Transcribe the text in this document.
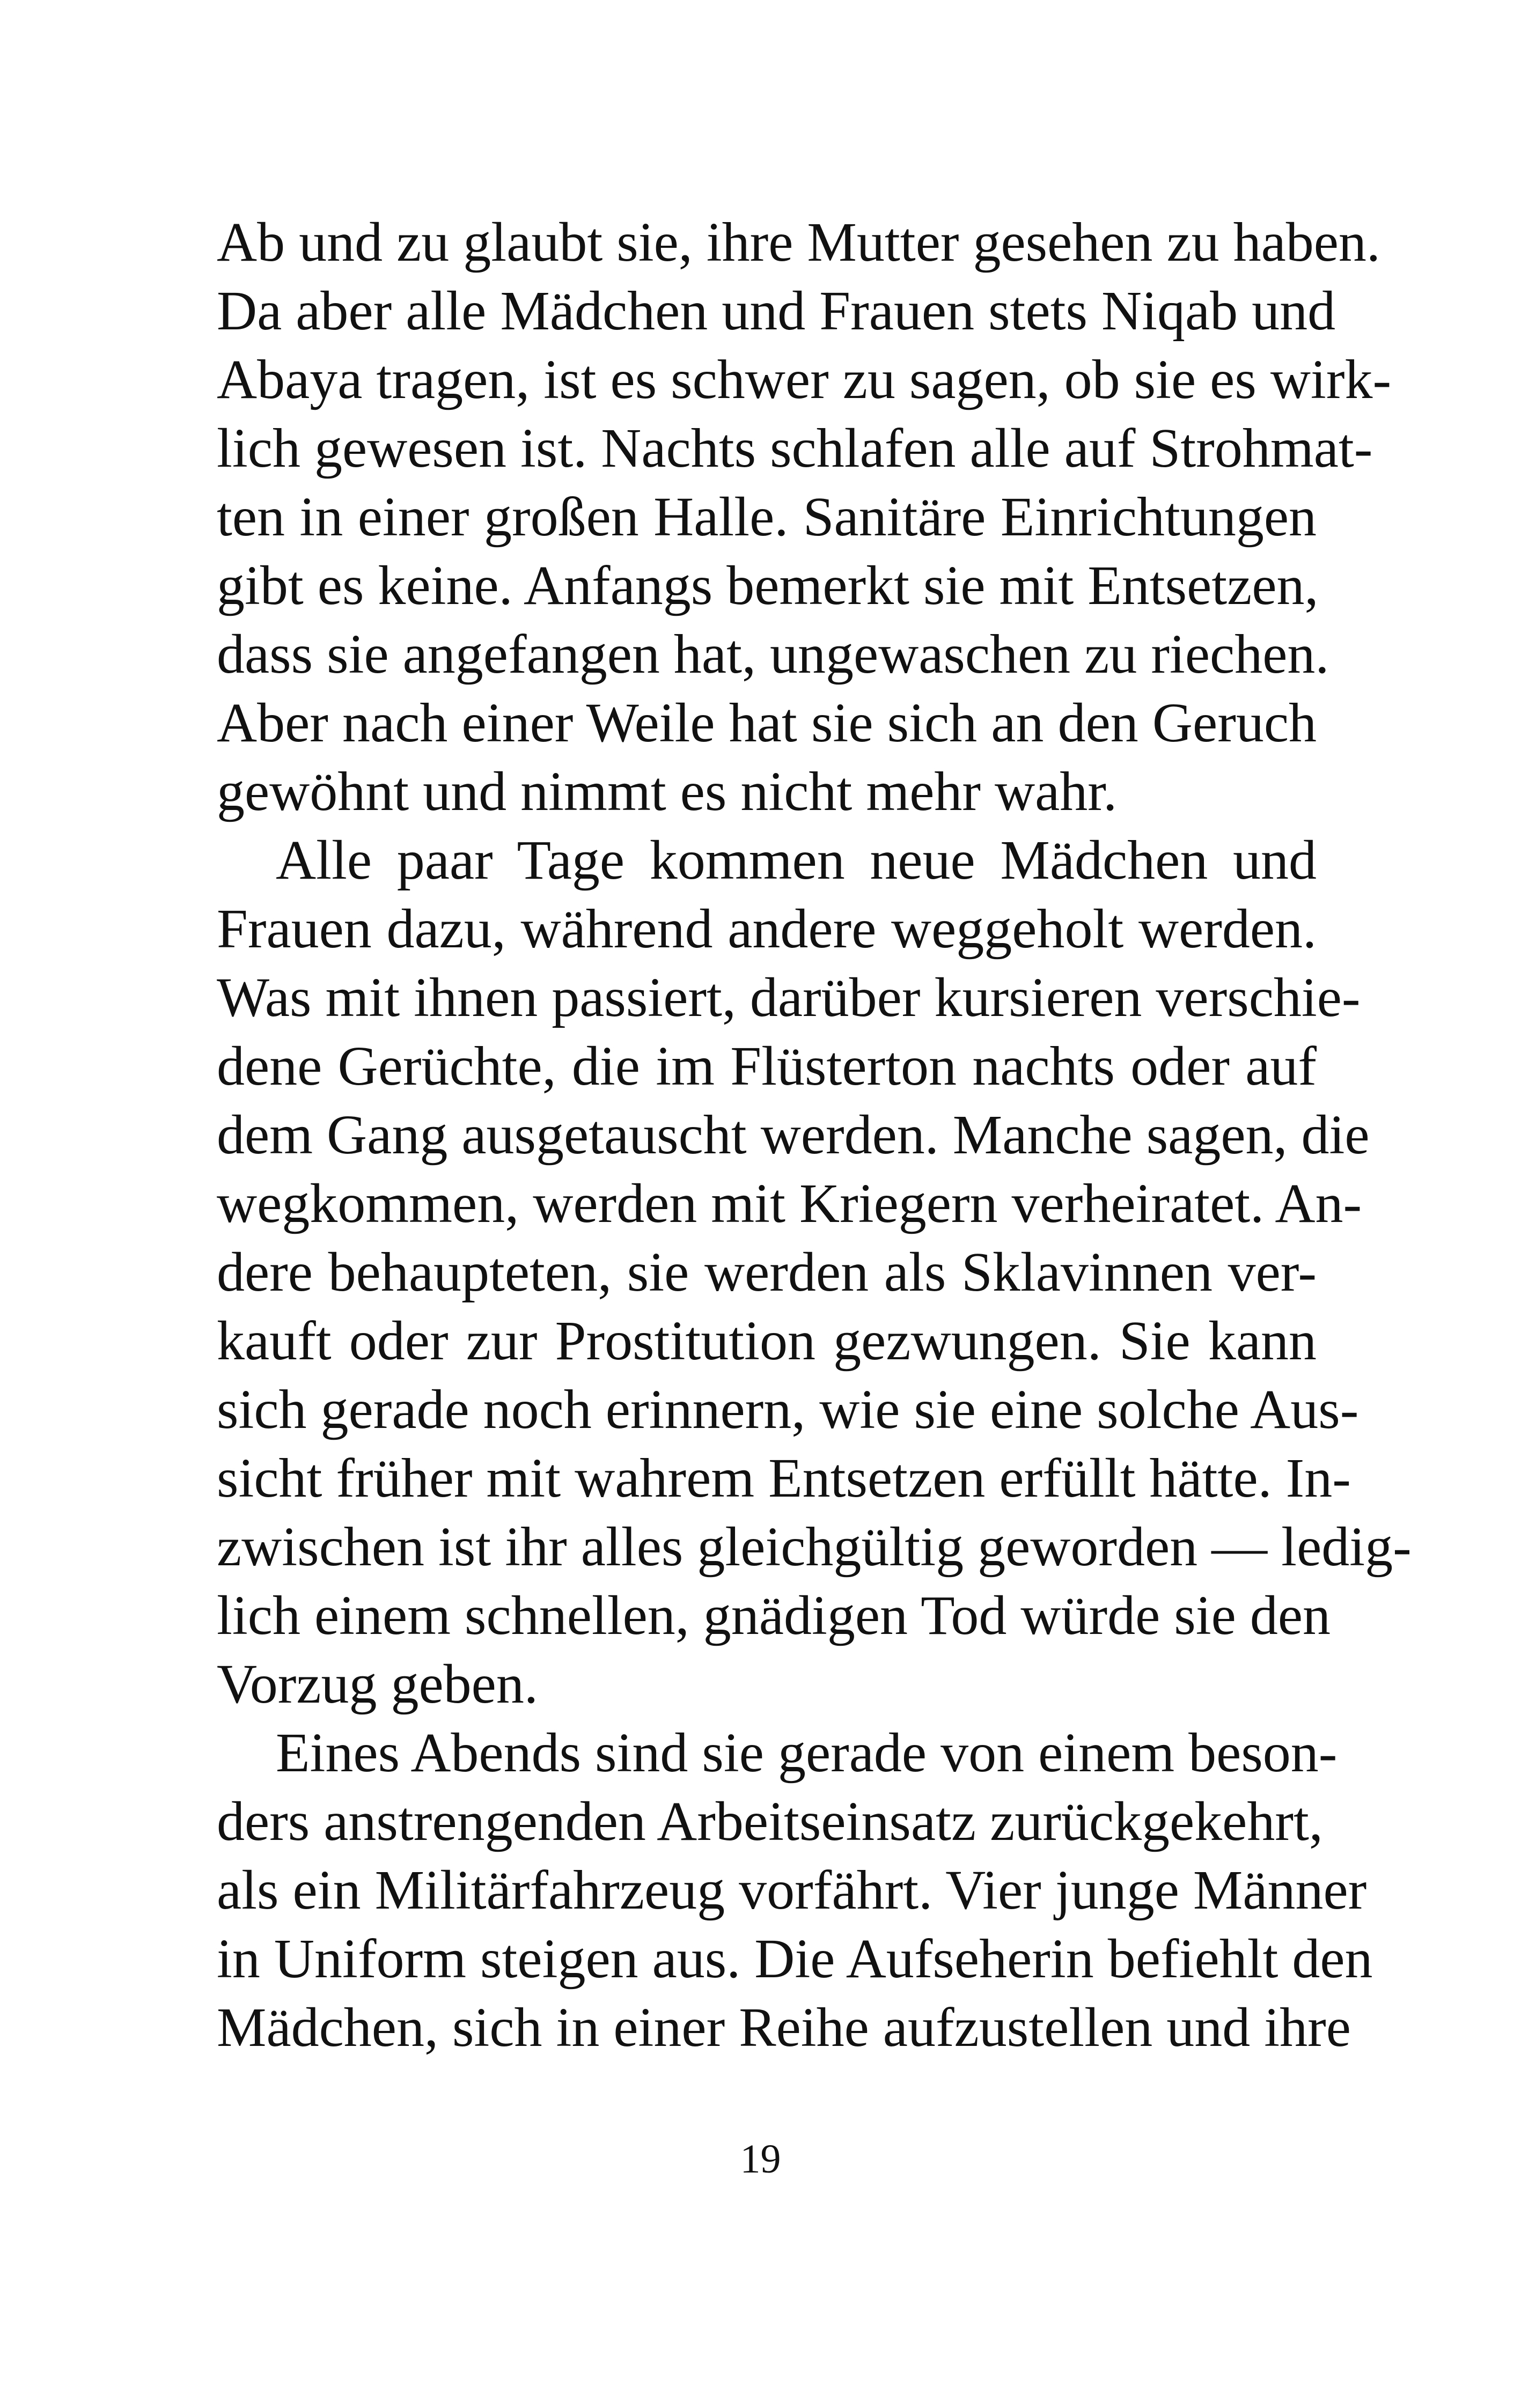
Ab und zu glaubt sie, ihre Mutter gesehen zu haben.
Da aber alle Mädchen und Frauen stets Niqab und
Abaya tragen, ist es schwer zu sagen, ob sie es wirk-
lich gewesen ist. Nachts schlafen alle auf Strohmat-
ten in einer großen Halle. Sanitäre Einrichtungen
gibt es keine. Anfangs bemerkt sie mit Entsetzen,
dass sie angefangen hat, ungewaschen zu riechen.
Aber nach einer Weile hat sie sich an den Geruch
gewöhnt und nimmt es nicht mehr wahr.
Alle paar Tage kommen neue Mädchen und
Frauen dazu, während andere weggeholt werden.
Was mit ihnen passiert, darüber kursieren verschie-
dene Gerüchte, die im Flüsterton nachts oder auf
dem Gang ausgetauscht werden. Manche sagen, die
wegkommen, werden mit Kriegern verheiratet. An-
dere behaupteten, sie werden als Sklavinnen ver-
kauft oder zur Prostitution gezwungen. Sie kann
sich gerade noch erinnern, wie sie eine solche Aus-
sicht früher mit wahrem Entsetzen erfüllt hätte. In-
zwischen ist ihr alles gleichgültig geworden — ledig-
lich einem schnellen, gnädigen Tod würde sie den
Vorzug geben.
Eines Abends sind sie gerade von einem beson-
ders anstrengenden Arbeitseinsatz zurückgekehrt,
als ein Militärfahrzeug vorfährt. Vier junge Männer
in Uniform steigen aus. Die Aufseherin befiehlt den
Mädchen, sich in einer Reihe aufzustellen und ihre
19
